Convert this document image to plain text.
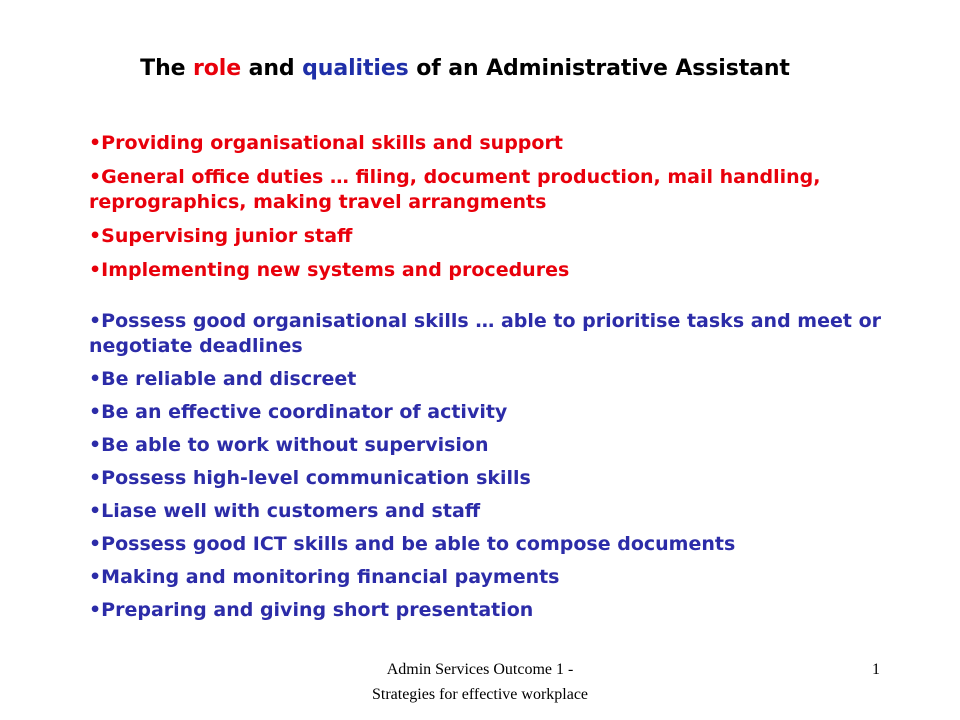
The role and qualities of an Administrative Assistant
•Providing organisational skills and support
•General office duties … filing, document production, mail handling, reprographics, making travel arrangments
•Supervising junior staff
•Implementing new systems and procedures
•Possess good organisational skills … able to prioritise tasks and meet or negotiate deadlines
•Be reliable and discreet
•Be an effective coordinator of activity
•Be able to work without supervision
•Possess high-level communication skills
•Liase well with customers and staff
•Possess good ICT skills and be able to compose documents
•Making and monitoring financial payments
•Preparing and giving short presentation
Admin Services Outcome 1 -
Strategies for effective workplace
1
